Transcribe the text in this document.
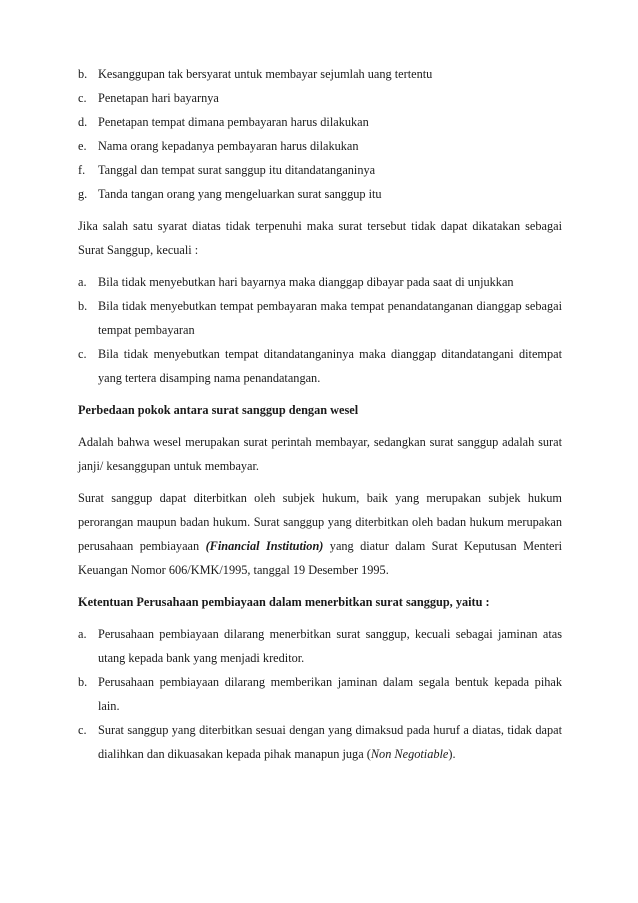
b. Kesanggupan tak bersyarat untuk membayar sejumlah uang tertentu
c. Penetapan hari bayarnya
d. Penetapan tempat dimana pembayaran harus dilakukan
e. Nama orang kepadanya pembayaran harus dilakukan
f.	Tanggal dan tempat surat sanggup itu ditandatanganinya
g. Tanda tangan orang yang mengeluarkan surat sanggup itu

Jika salah satu syarat diatas tidak terpenuhi maka surat tersebut tidak dapat dikatakan sebagai Surat Sanggup, kecuali :

a. Bila tidak menyebutkan hari bayarnya maka dianggap dibayar pada saat di unjukkan
b. Bila tidak menyebutkan tempat pembayaran maka tempat penandatanganan dianggap sebagai tempat pembayaran
c. Bila tidak menyebutkan tempat ditandatanganinya maka dianggap ditandatangani ditempat yang tertera disamping nama penandatangan.

Perbedaan pokok antara surat sanggup dengan wesel

Adalah bahwa wesel merupakan surat perintah membayar, sedangkan surat sanggup adalah surat janji/ kesanggupan untuk membayar.

Surat sanggup dapat diterbitkan oleh subjek hukum, baik yang merupakan subjek hukum perorangan maupun badan hukum. Surat sanggup yang diterbitkan oleh badan hukum merupakan perusahaan pembiayaan (Financial Institution) yang diatur dalam Surat Keputusan Menteri Keuangan Nomor 606/KMK/1995, tanggal 19 Desember 1995.

Ketentuan Perusahaan pembiayaan dalam menerbitkan surat sanggup, yaitu :

a. Perusahaan pembiayaan dilarang menerbitkan surat sanggup, kecuali sebagai jaminan atas utang kepada bank yang menjadi kreditor.
b. Perusahaan pembiayaan dilarang memberikan jaminan dalam segala bentuk kepada pihak lain.
c. Surat sanggup yang diterbitkan sesuai dengan yang dimaksud pada huruf a diatas, tidak dapat dialihkan dan dikuasakan kepada pihak manapun juga (Non Negotiable).
